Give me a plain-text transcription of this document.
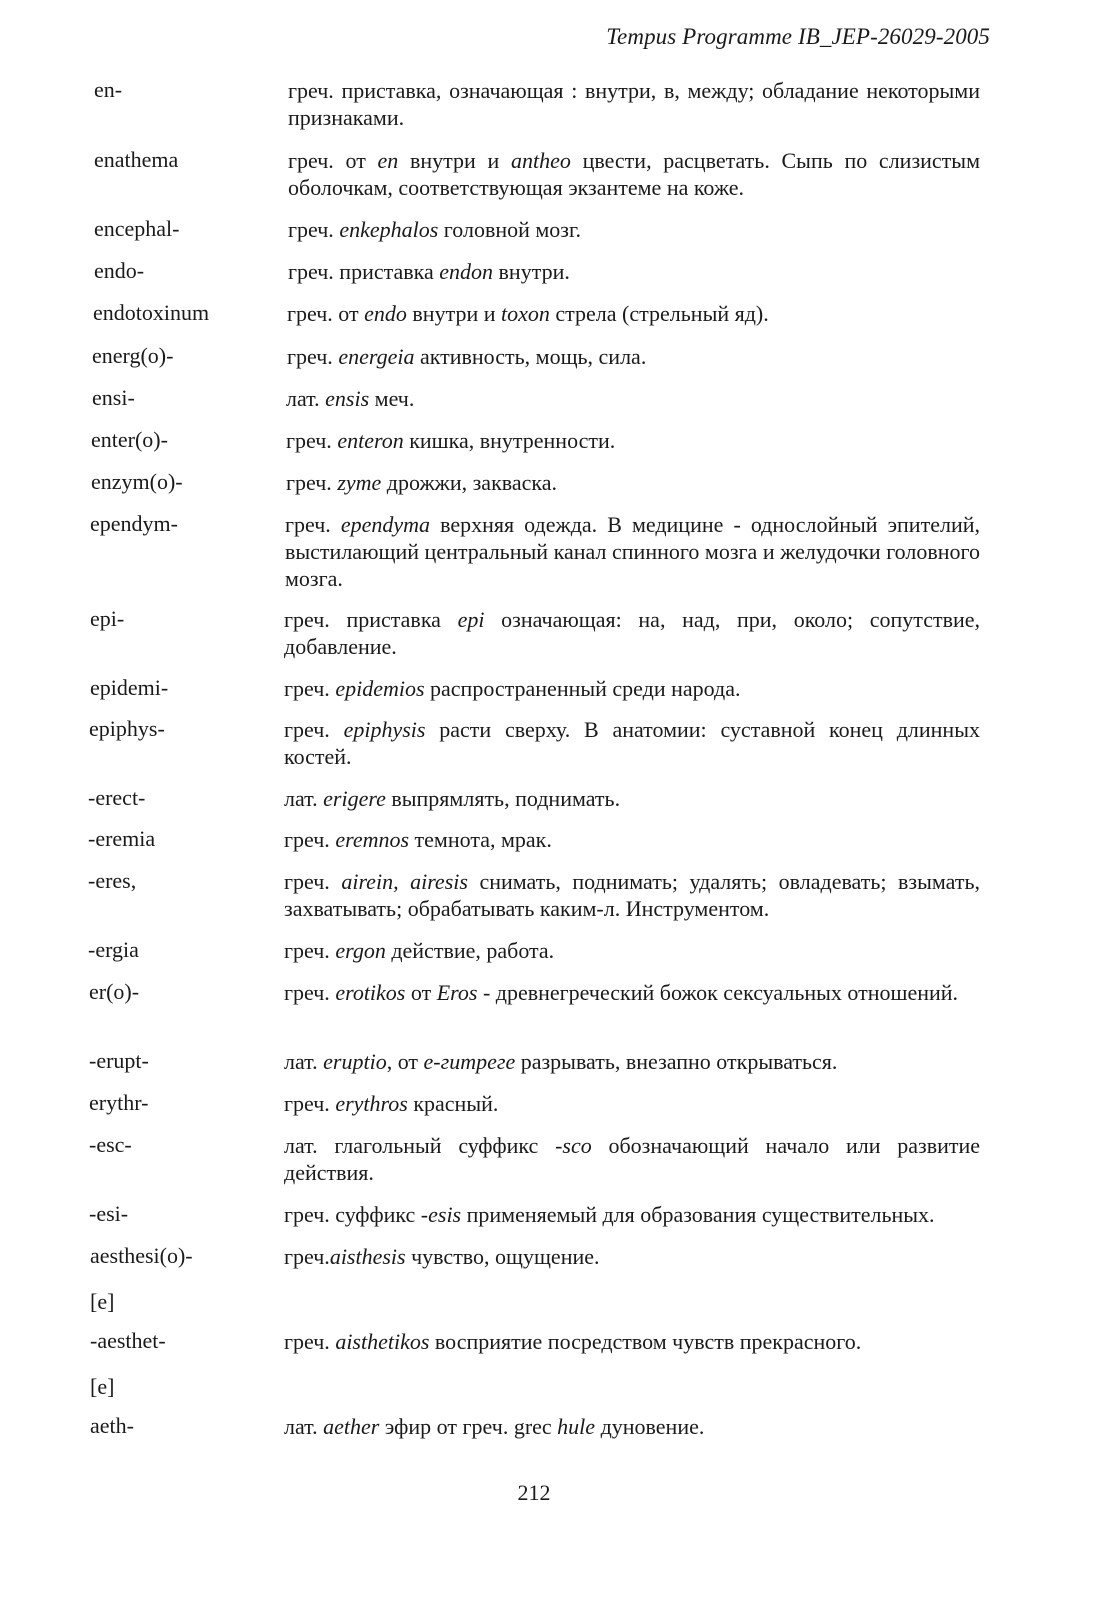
Tempus Programme IB_JEP-26029-2005
en-	греч. приставка, означающая : внутри, в, между; обладание некоторыми признаками.
enathema	греч. от en внутри и antheo цвести, расцветать. Сыпь по слизистым оболочкам, соответствующая экзантеме на коже.
encephal-	греч. enkephalos головной мозг.
endo-	греч. приставка endon внутри.
endotoxinum	греч. от endo внутри и toxon стрела (стрельный яд).
energ(o)-	греч. energeia активность, мощь, сила.
ensi-	лат. ensis меч.
enter(o)-	греч. enteron кишка, внутренности.
enzym(o)-	греч. zyme дрожжи, закваска.
ependym-	греч. ependyma верхняя одежда. В медицине - однослойный эпителий, выстилающий центральный канал спинного мозга и желудочки головного мозга.
epi-	греч. приставка epi означающая: на, над, при, около; сопутствие, добавление.
epidemi-	греч. epidemios распространенный среди народа.
epiphys-	греч. epiphysis расти сверху. В анатомии: суставной конец длинных костей.
-erect-	лат. erigere выпрямлять, поднимать.
-eremia	греч. eremnos темнота, мрак.
-eres,	греч. airein, airesis снимать, поднимать; удалять; овладевать; взымать, захватывать; обрабатывать каким-л. Инструментом.
-ergia	греч. ergon действие, работа.
er(o)-	греч. erotikos от Eros - древнегреческий божок сексуальных отношений.
-erupt-	лат. eruptio, от e-гитреге разрывать, внезапно открываться.
erythr-	греч. erythros красный.
-esc-	лат. глагольный суффикс -sco обозначающий начало или развитие действия.
-esi-	греч. суффикс -esis применяемый для образования существительных.
aesthesi(o)-	греч.aisthesis чувство, ощущение.
[e]
-aesthet-	греч. aisthetikos восприятие посредством чувств прекрасного.
[e]
aeth-	лат. aether эфир от греч. grec hule дуновение.
212
